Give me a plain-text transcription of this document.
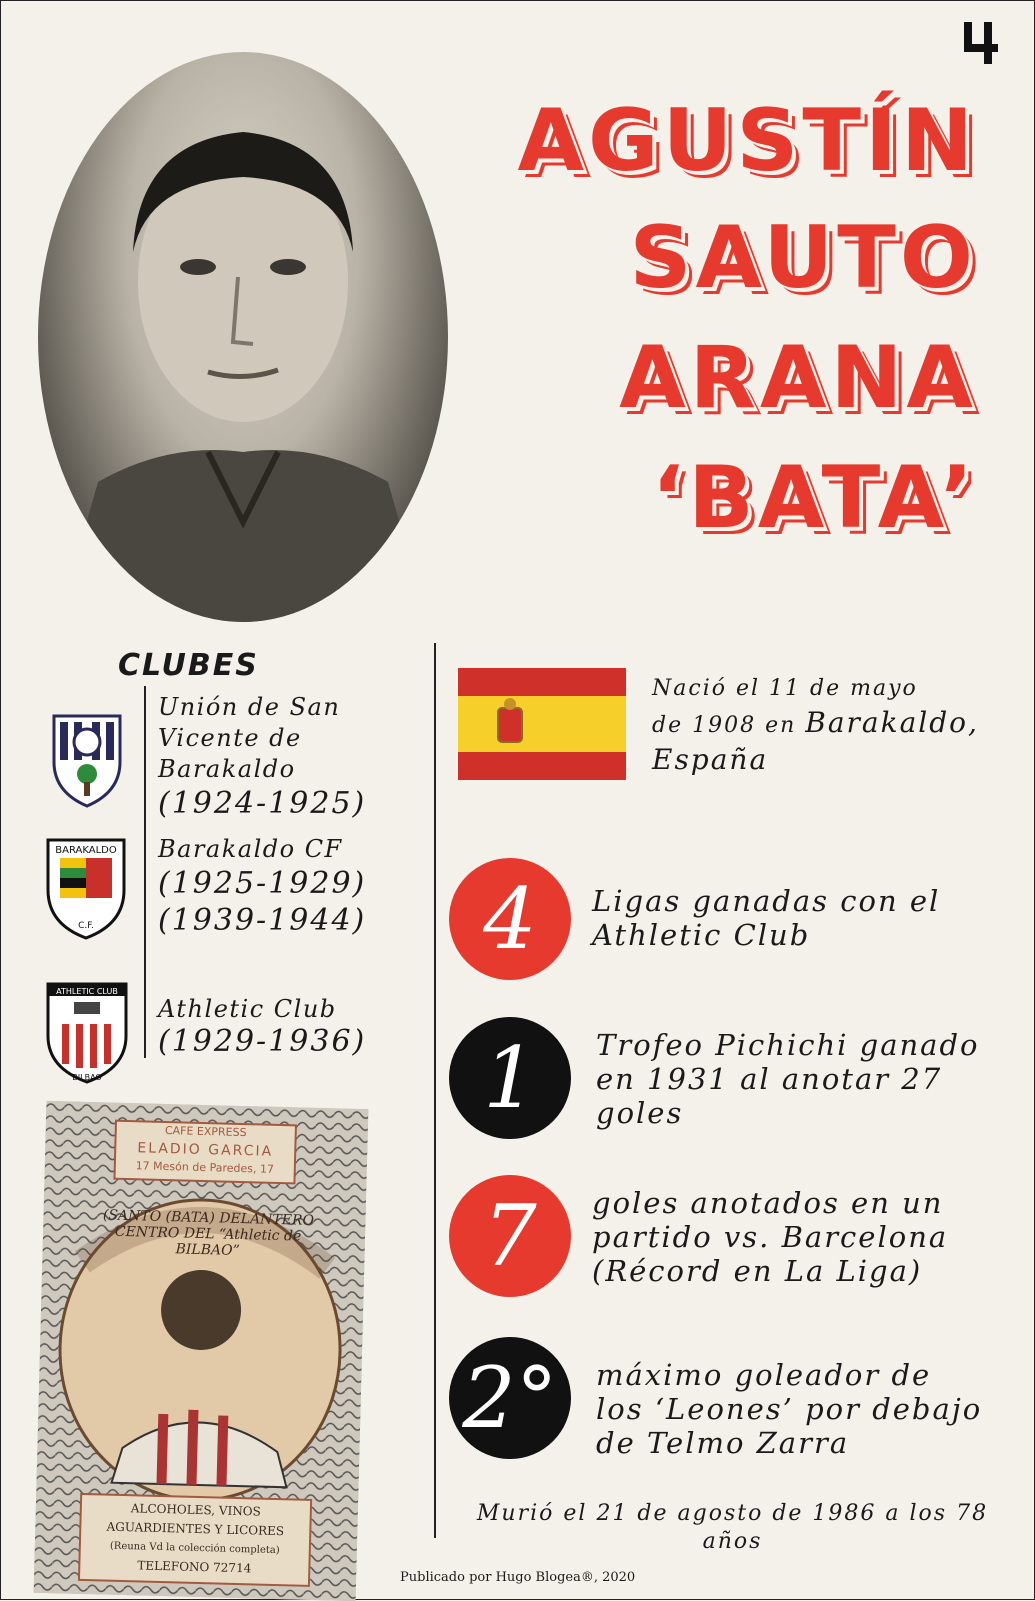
AGUSTÍN
SAUTO
ARANA
‘BATA’
CLUBES
Unión de San
Vicente de
Barakaldo
(1924-1925)
BARAKALDO
C.F.
Barakaldo CF
(1925-1929)
(1939-1944)
ATHLETIC CLUB
BILBAO
Athletic Club
(1929-1936)
CAFE EXPRESS
ELADIO GARCIA
17 Mesón de Paredes, 17
(SANTO (BATA) DELANTERO CENTRO DEL “Athletic de BILBAO”
ALCOHOLES, VINOS
AGUARDIENTES Y LICORES
(Reuna Vd la colección completa)
TELEFONO 72714
Nació el 11 de mayo
de 1908 en Barakaldo,
España
4	Ligas ganadas con el
Athletic Club
1	Trofeo Pichichi ganado
en 1931 al anotar 27
goles
7	goles anotados en un
partido vs. Barcelona
(Récord en La Liga)
2°	máximo goleador de
los ‘Leones’ por debajo
de Telmo Zarra
Murió el 21 de agosto de 1986 a los 78 años
Publicado por Hugo Blogea®, 2020
